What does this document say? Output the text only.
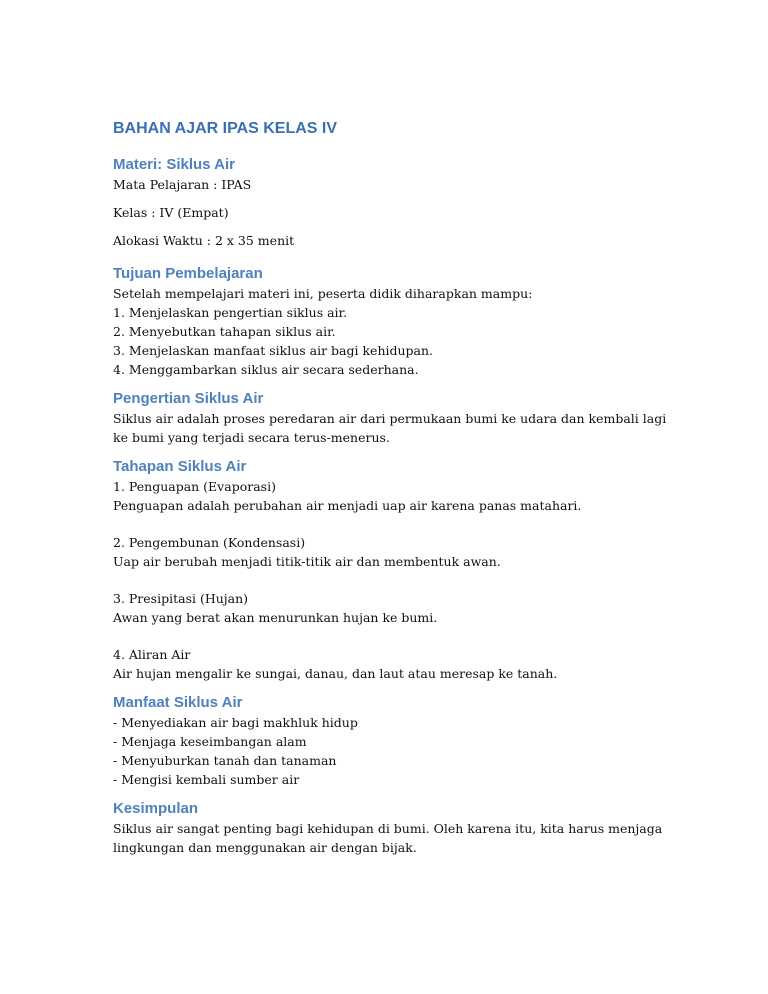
BAHAN AJAR IPAS KELAS IV
Materi: Siklus Air

Mata Pelajaran : IPAS

Kelas : IV (Empat)

Alokasi Waktu : 2 x 35 menit

Tujuan Pembelajaran

Setelah mempelajari materi ini, peserta didik diharapkan mampu:

1. Menjelaskan pengertian siklus air.

2. Menyebutkan tahapan siklus air.

3. Menjelaskan manfaat siklus air bagi kehidupan.

4. Menggambarkan siklus air secara sederhana.

Pengertian Siklus Air

Siklus air adalah proses peredaran air dari permukaan bumi ke udara dan kembali lagi ke bumi yang terjadi secara terus-menerus.

Tahapan Siklus Air

1. Penguapan (Evaporasi)

Penguapan adalah perubahan air menjadi uap air karena panas matahari.

2. Pengembunan (Kondensasi)

Uap air berubah menjadi titik-titik air dan membentuk awan.

3. Presipitasi (Hujan)

Awan yang berat akan menurunkan hujan ke bumi.

4. Aliran Air

Air hujan mengalir ke sungai, danau, dan laut atau meresap ke tanah.

Manfaat Siklus Air

- Menyediakan air bagi makhluk hidup

- Menjaga keseimbangan alam

- Menyuburkan tanah dan tanaman

- Mengisi kembali sumber air

Kesimpulan

Siklus air sangat penting bagi kehidupan di bumi. Oleh karena itu, kita harus menjaga lingkungan dan menggunakan air dengan bijak.
